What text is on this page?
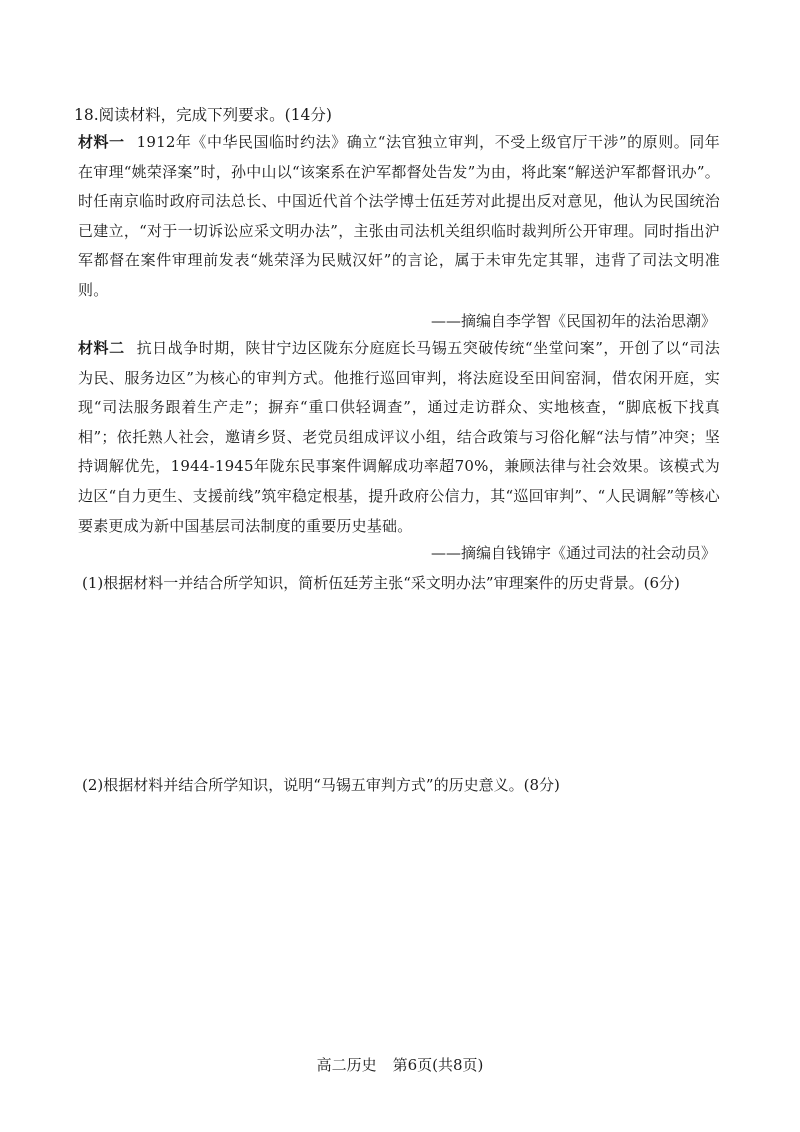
18.阅读材料，完成下列要求。(14分)
材料一 1912年《中华民国临时约法》确立“法官独立审判，不受上级官厅干涉”的原则。同年在审理“姚荣泽案”时，孙中山以“该案系在沪军都督处告发”为由，将此案“解送沪军都督讯办”。时任南京临时政府司法总长、中国近代首个法学博士伍廷芳对此提出反对意见，他认为民国统治已建立，“对于一切诉讼应采文明办法”，主张由司法机关组织临时裁判所公开审理。同时指出沪军都督在案件审理前发表“姚荣泽为民贼汉奸”的言论，属于未审先定其罪，违背了司法文明准则。
——摘编自李学智《民国初年的法治思潮》
材料二 抗日战争时期，陕甘宁边区陇东分庭庭长马锡五突破传统“坐堂问案”，开创了以“司法为民、服务边区”为核心的审判方式。他推行巡回审判，将法庭设至田间窑洞，借农闲开庭，实现“司法服务跟着生产走”；摒弃“重口供轻调查”，通过走访群众、实地核查，“脚底板下找真相”；依托熟人社会，邀请乡贤、老党员组成评议小组，结合政策与习俗化解“法与情”冲突；坚持调解优先，1944-1945年陇东民事案件调解成功率超70%，兼顾法律与社会效果。该模式为边区“自力更生、支援前线”筑牢稳定根基，提升政府公信力，其“巡回审判”、“人民调解”等核心要素更成为新中国基层司法制度的重要历史基础。
——摘编自钱锦宇《通过司法的社会动员》
(1)根据材料一并结合所学知识，简析伍廷芳主张“采文明办法”审理案件的历史背景。(6分)
(2)根据材料并结合所学知识，说明“马锡五审判方式”的历史意义。(8分)
高二历史 第6页(共8页)
